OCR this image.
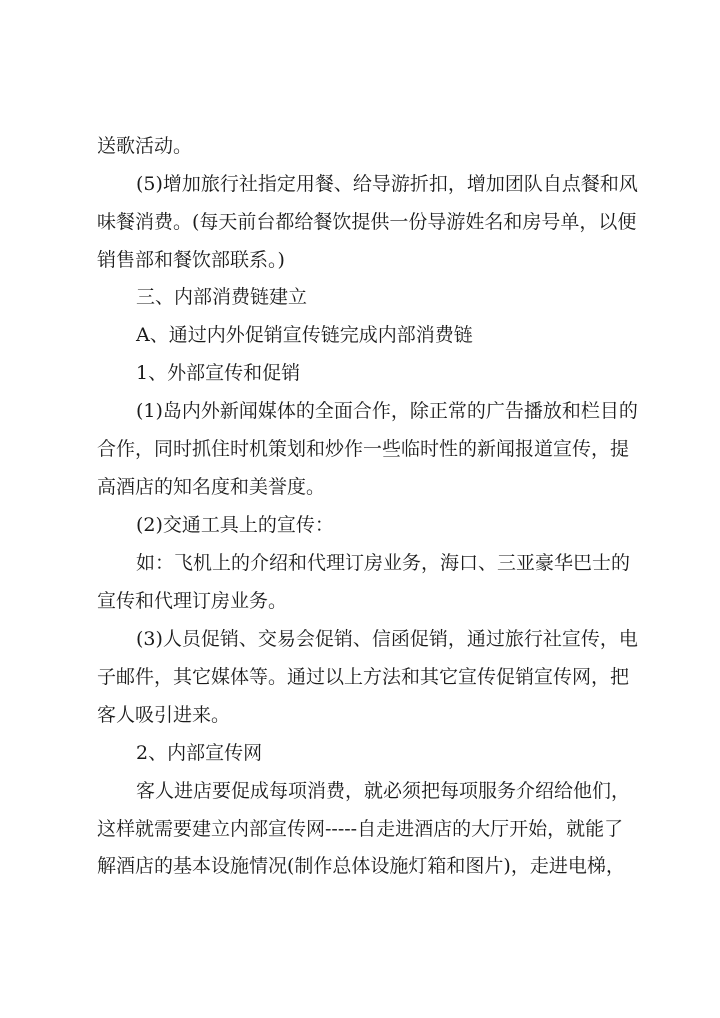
送歌活动。
(5)增加旅行社指定用餐、给导游折扣，增加团队自点餐和风
味餐消费。(每天前台都给餐饮提供一份导游姓名和房号单，以便
销售部和餐饮部联系。)
三、内部消费链建立
A、通过内外促销宣传链完成内部消费链
1、外部宣传和促销
(1)岛内外新闻媒体的全面合作，除正常的广告播放和栏目的
合作，同时抓住时机策划和炒作一些临时性的新闻报道宣传，提
高酒店的知名度和美誉度。
(2)交通工具上的宣传：
如：飞机上的介绍和代理订房业务，海口、三亚豪华巴士的
宣传和代理订房业务。
(3)人员促销、交易会促销、信函促销，通过旅行社宣传，电
子邮件，其它媒体等。通过以上方法和其它宣传促销宣传网，把
客人吸引进来。
2、内部宣传网
客人进店要促成每项消费，就必须把每项服务介绍给他们，
这样就需要建立内部宣传网-----自走进酒店的大厅开始，就能了
解酒店的基本设施情况(制作总体设施灯箱和图片)，走进电梯，
